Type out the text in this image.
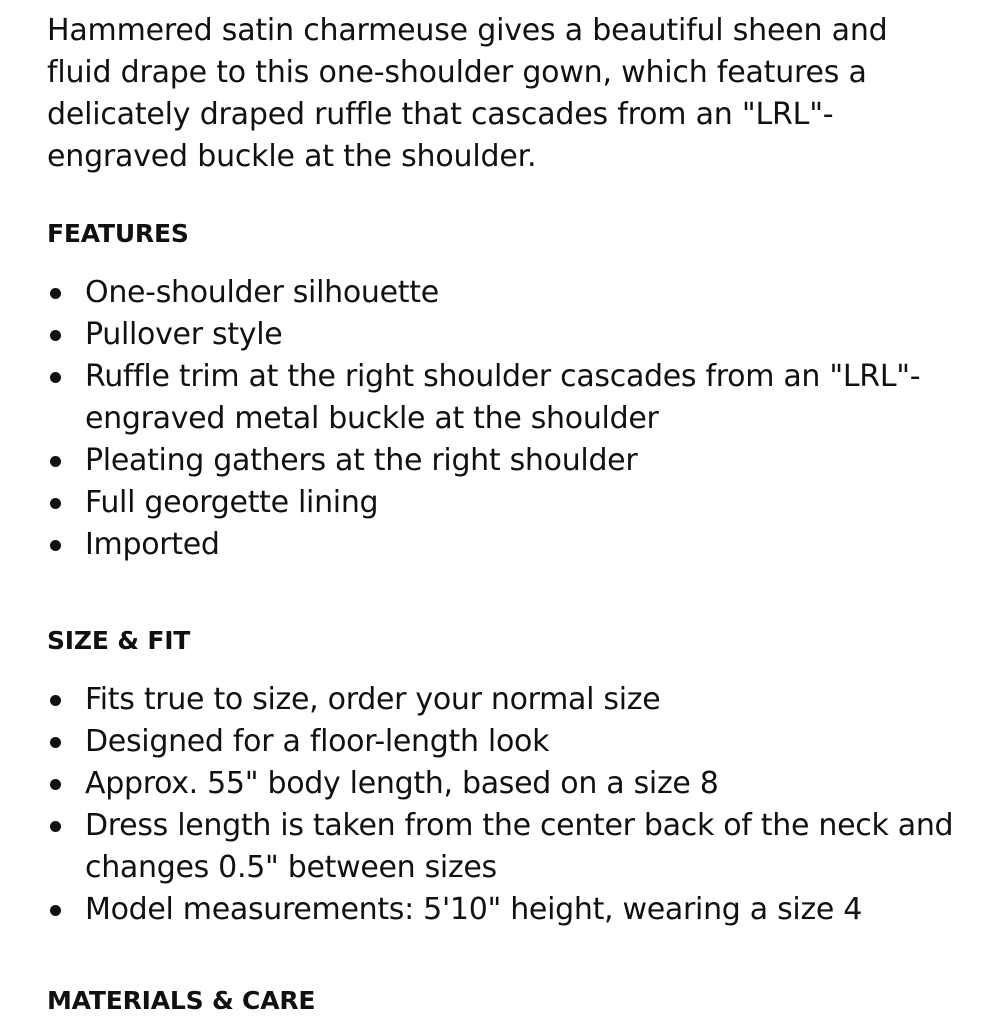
Hammered satin charmeuse gives a beautiful sheen and fluid drape to this one-shoulder gown, which features a delicately draped ruffle that cascades from an "LRL"-engraved buckle at the shoulder.

FEATURES
One-shoulder silhouette
Pullover style
Ruffle trim at the right shoulder cascades from an "LRL"-engraved metal buckle at the shoulder
Pleating gathers at the right shoulder
Full georgette lining
Imported
SIZE & FIT
Fits true to size, order your normal size
Designed for a floor-length look
Approx. 55" body length, based on a size 8
Dress length is taken from the center back of the neck and changes 0.5" between sizes
Model measurements: 5'10" height, wearing a size 4
MATERIALS & CARE
